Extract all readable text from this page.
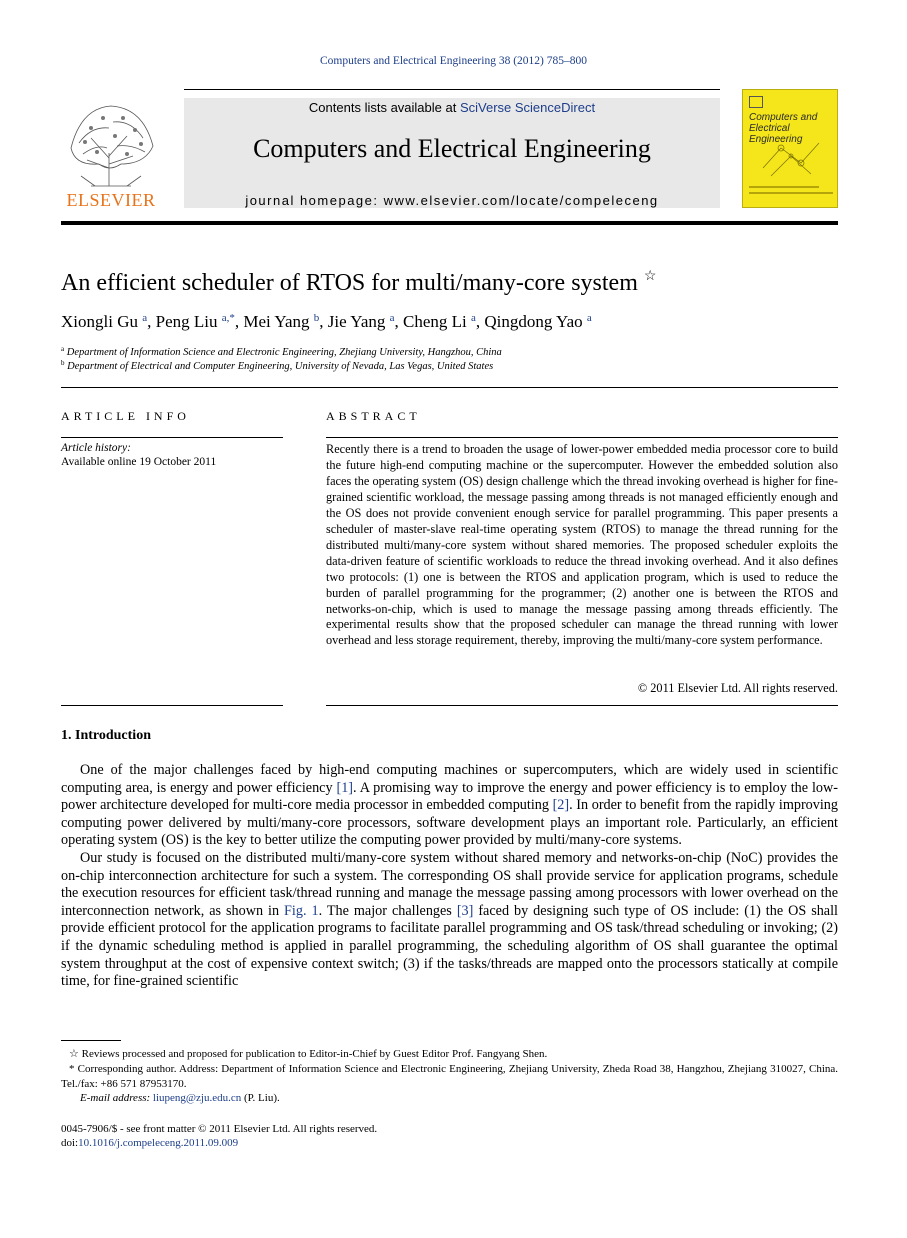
Computers and Electrical Engineering 38 (2012) 785–800
ELSEVIER
Contents lists available at SciVerse ScienceDirect
Computers and Electrical Engineering
journal homepage: www.elsevier.com/locate/compeleceng
Computers and
Electrical Engineering
An efficient scheduler of RTOS for multi/many-core system ☆
Xiongli Gu $^a$, Peng Liu $^{a,*}$, Mei Yang $^b$, Jie Yang $^a$, Cheng Li $^a$, Qingdong Yao $^a$
$^a$ Department of Information Science and Electronic Engineering, Zhejiang University, Hangzhou, China
$^b$ Department of Electrical and Computer Engineering, University of Nevada, Las Vegas, United States
ARTICLE INFO
Article history:
Available online 19 October 2011
ABSTRACT
Recently there is a trend to broaden the usage of lower-power embedded media processor core to build the future high-end computing machine or the supercomputer. However the embedded solution also faces the operating system (OS) design challenge which the thread invoking overhead is higher for fine-grained scientific workload, the message passing among threads is not managed efficiently enough and the OS does not provide convenient enough service for parallel programming. This paper presents a scheduler of master-slave real-time operating system (RTOS) to manage the thread running for the distributed multi/many-core system without shared memories. The proposed scheduler exploits the data-driven feature of scientific workloads to reduce the thread invoking overhead. And it also defines two protocols: (1) one is between the RTOS and application program, which is used to reduce the burden of parallel programming for the programmer; (2) another one is between the RTOS and networks-on-chip, which is used to manage the message passing among threads efficiently. The experimental results show that the proposed scheduler can manage the thread running with lower overhead and less storage requirement, thereby, improving the multi/many-core system performance.
© 2011 Elsevier Ltd. All rights reserved.
1. Introduction

One of the major challenges faced by high-end computing machines or supercomputers, which are widely used in scientific computing area, is energy and power efficiency [1]. A promising way to improve the energy and power efficiency is to employ the low-power architecture developed for multi-core media processor in embedded computing [2]. In order to benefit from the rapidly improving computing power delivered by multi/many-core processors, software development plays an important role. Particularly, an efficient operating system (OS) is the key to better utilize the computing power provided by multi/many-core systems.

Our study is focused on the distributed multi/many-core system without shared memory and networks-on-chip (NoC) provides the on-chip interconnection architecture for such a system. The corresponding OS shall provide service for application programs, schedule the execution resources for efficient task/thread running and manage the message passing among processors with lower overhead on the interconnection network, as shown in Fig. 1. The major challenges [3] faced by designing such type of OS include: (1) the OS shall provide efficient protocol for the application programs to facilitate parallel programming and OS task/thread scheduling or invoking; (2) if the dynamic scheduling method is applied in parallel programming, the scheduling algorithm of OS shall guarantee the optimal system throughput at the cost of expensive context switch; (3) if the tasks/threads are mapped onto the processors statically at compile time, for fine-grained scientific

☆ Reviews processed and proposed for publication to Editor-in-Chief by Guest Editor Prof. Fangyang Shen.
* Corresponding author. Address: Department of Information Science and Electronic Engineering, Zhejiang University, Zheda Road 38, Hangzhou, Zhejiang 310027, China. Tel./fax: +86 571 87953170.
E-mail address: liupeng@zju.edu.cn (P. Liu).
0045-7906/$ - see front matter © 2011 Elsevier Ltd. All rights reserved.
doi:10.1016/j.compeleceng.2011.09.009
